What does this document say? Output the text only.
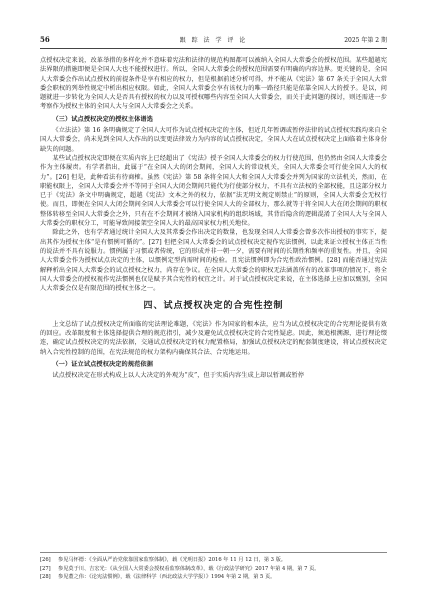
56	跟 踪 法 学 评 论	2025 年第 2 期

点授权决定来说，改革举措的多样化并不意味着宪法和法律的规范构图都可以被纳入全国人大常委会的授权范围。某些超越宪法界限的措施即便是全国人大也不能授权进行。所以，全国人大常委会的授权范围需要有明确的内容边界。更关键的是，全国人大常委会作出试点授权的前提条件是享有相应的权力，但是根据前述分析可得，并不能从《宪法》第 67 条关于全国人大常委会职权的列举性规定中析出相应权限。如此，全国人大常委会享有该权力的唯一路径只能是依靠全国人大的授予。是以，问题就进一步转化为全国人大是否具有授权的权力以及可授权哪些内容至全国人大常委会，而关于此问题的探讨，则还需进一步考察作为授权主体的全国人大与全国人大常委会之关系。

（三）试点授权决定的授权主体谱选

《立法法》第 16 条明确规定了全国人大可作为试点授权决定的主体，但近几年暂调或暂停法律的试点授权实践均来自全国人大常委会，尚未见到全国人大作出的以变更法律效力为内容的试点授权决定，全国人大在试点授权决定上面临着主体身份缺失的问题。

某些试点授权决定即便在实质内容上已经超出了《宪法》授予全国人大常委会的权力行使范围，但仍然由全国人大常委会作为主体履责。有学者指出，此属于“在全国人大的闭会期间，全国人大的常设机关，全国人大常委会可行使全国人大的权力”。[26] 但是，此种看法有待商榷。虽然《宪法》第 58 条将全国人大和全国人大常委会并列为国家的立法机关，然而，在职能权限上，全国人大常委会并不等同于全国人大闭会期间只能代为行使部分权力，不具有立法权的全部权能，且这部分权力已于《宪法》条文中明确规定，超越《宪法》文本之外的权力，依据“法无明文规定则禁止”的原则，全国人大常委会无权行使。而且，即便在全国人大闭会期间全国人大常委会可以行使全国人大的全部权力，那么就等于将全国人大在闭会期间的职权整体转移至全国人大常委会之外，只有在不会期间才被纳入国家机构的组织场域，其背后隐含的逻辑混淆了全国人大与全国人大常委会的职权分工，可能导致间接架空全国人大的最高国家权力机关地位。

除此之外，也有学者通过统计全国人大及其常委会作出决定的数量，也发现全国人大常委会曾多次作出授权的事实下，提出其作为授权主体“是有惯例可循的”。[27] 但把全国人大常委会的试点授权决定视作宪法惯例，以此来证立授权主体正当性的说法并不具有说服力。惯例属于习惯或者传统，它的形成并非一朝一夕，需要有时间的长期性和频率的重复性。并且，全国人大常委会作为授权试点决定的主体，以惯例定型尚需时间的检验。且宪法惯例即为合宪性政治惯例。[28] 而能否通过宪法解释析出全国人大常委会的试点授权之权力，尚存在争议。在全国人大常委会的职权无法涵盖所有的改革事项的情况下，将全国人大常委会的授权视作宪法惯例也仅是赋予其合宪性的权宜之计。对于试点授权决定来说，在主体选择上应加以甄别，全国人大常委会仅是有限范围的授权主体之一。

四、试点授权决定的合宪性控制

上文总结了试点授权决定所面临的宪法理论难题，《宪法》作为国家的根本法，应当为试点授权决定的合宪理论提供有效的回应。改革限度和主体选择提供合理的规范指引，减少及避免试点授权决定的合宪性疑虑。因此，须追根溯源，进行理论缀连，确定试点授权决定的宪法依据，交通试点授权决定的权力配置格局，加强试点授权决定的配套制度建设，将试点授权决定纳入合宪性控制的范围，在宪法规范的权力架构内确保其合法、合宪地运用。

（一）证立试点授权决定的规范依据

试点授权决定在形式构成上以人大决定的外观为“皮”，但于实质内容生成上却以暂调或暂停

[26]	参见马怀德：《全面从严治党依靠国家监察体制》，载《光明日报》2016 年 11 月 12 日，第 3 版。
[27]	参见莫于川、吉宏光：《从全国人大常委会授权看监察体制改革》，载《行政法学研究》2017 年第 4 期，第 7 页。
[28]	参见董之伟：《论宪法惯例》，载《法律科学（西北政法大学学报）》1994 年第 2 期，第 5 页。
